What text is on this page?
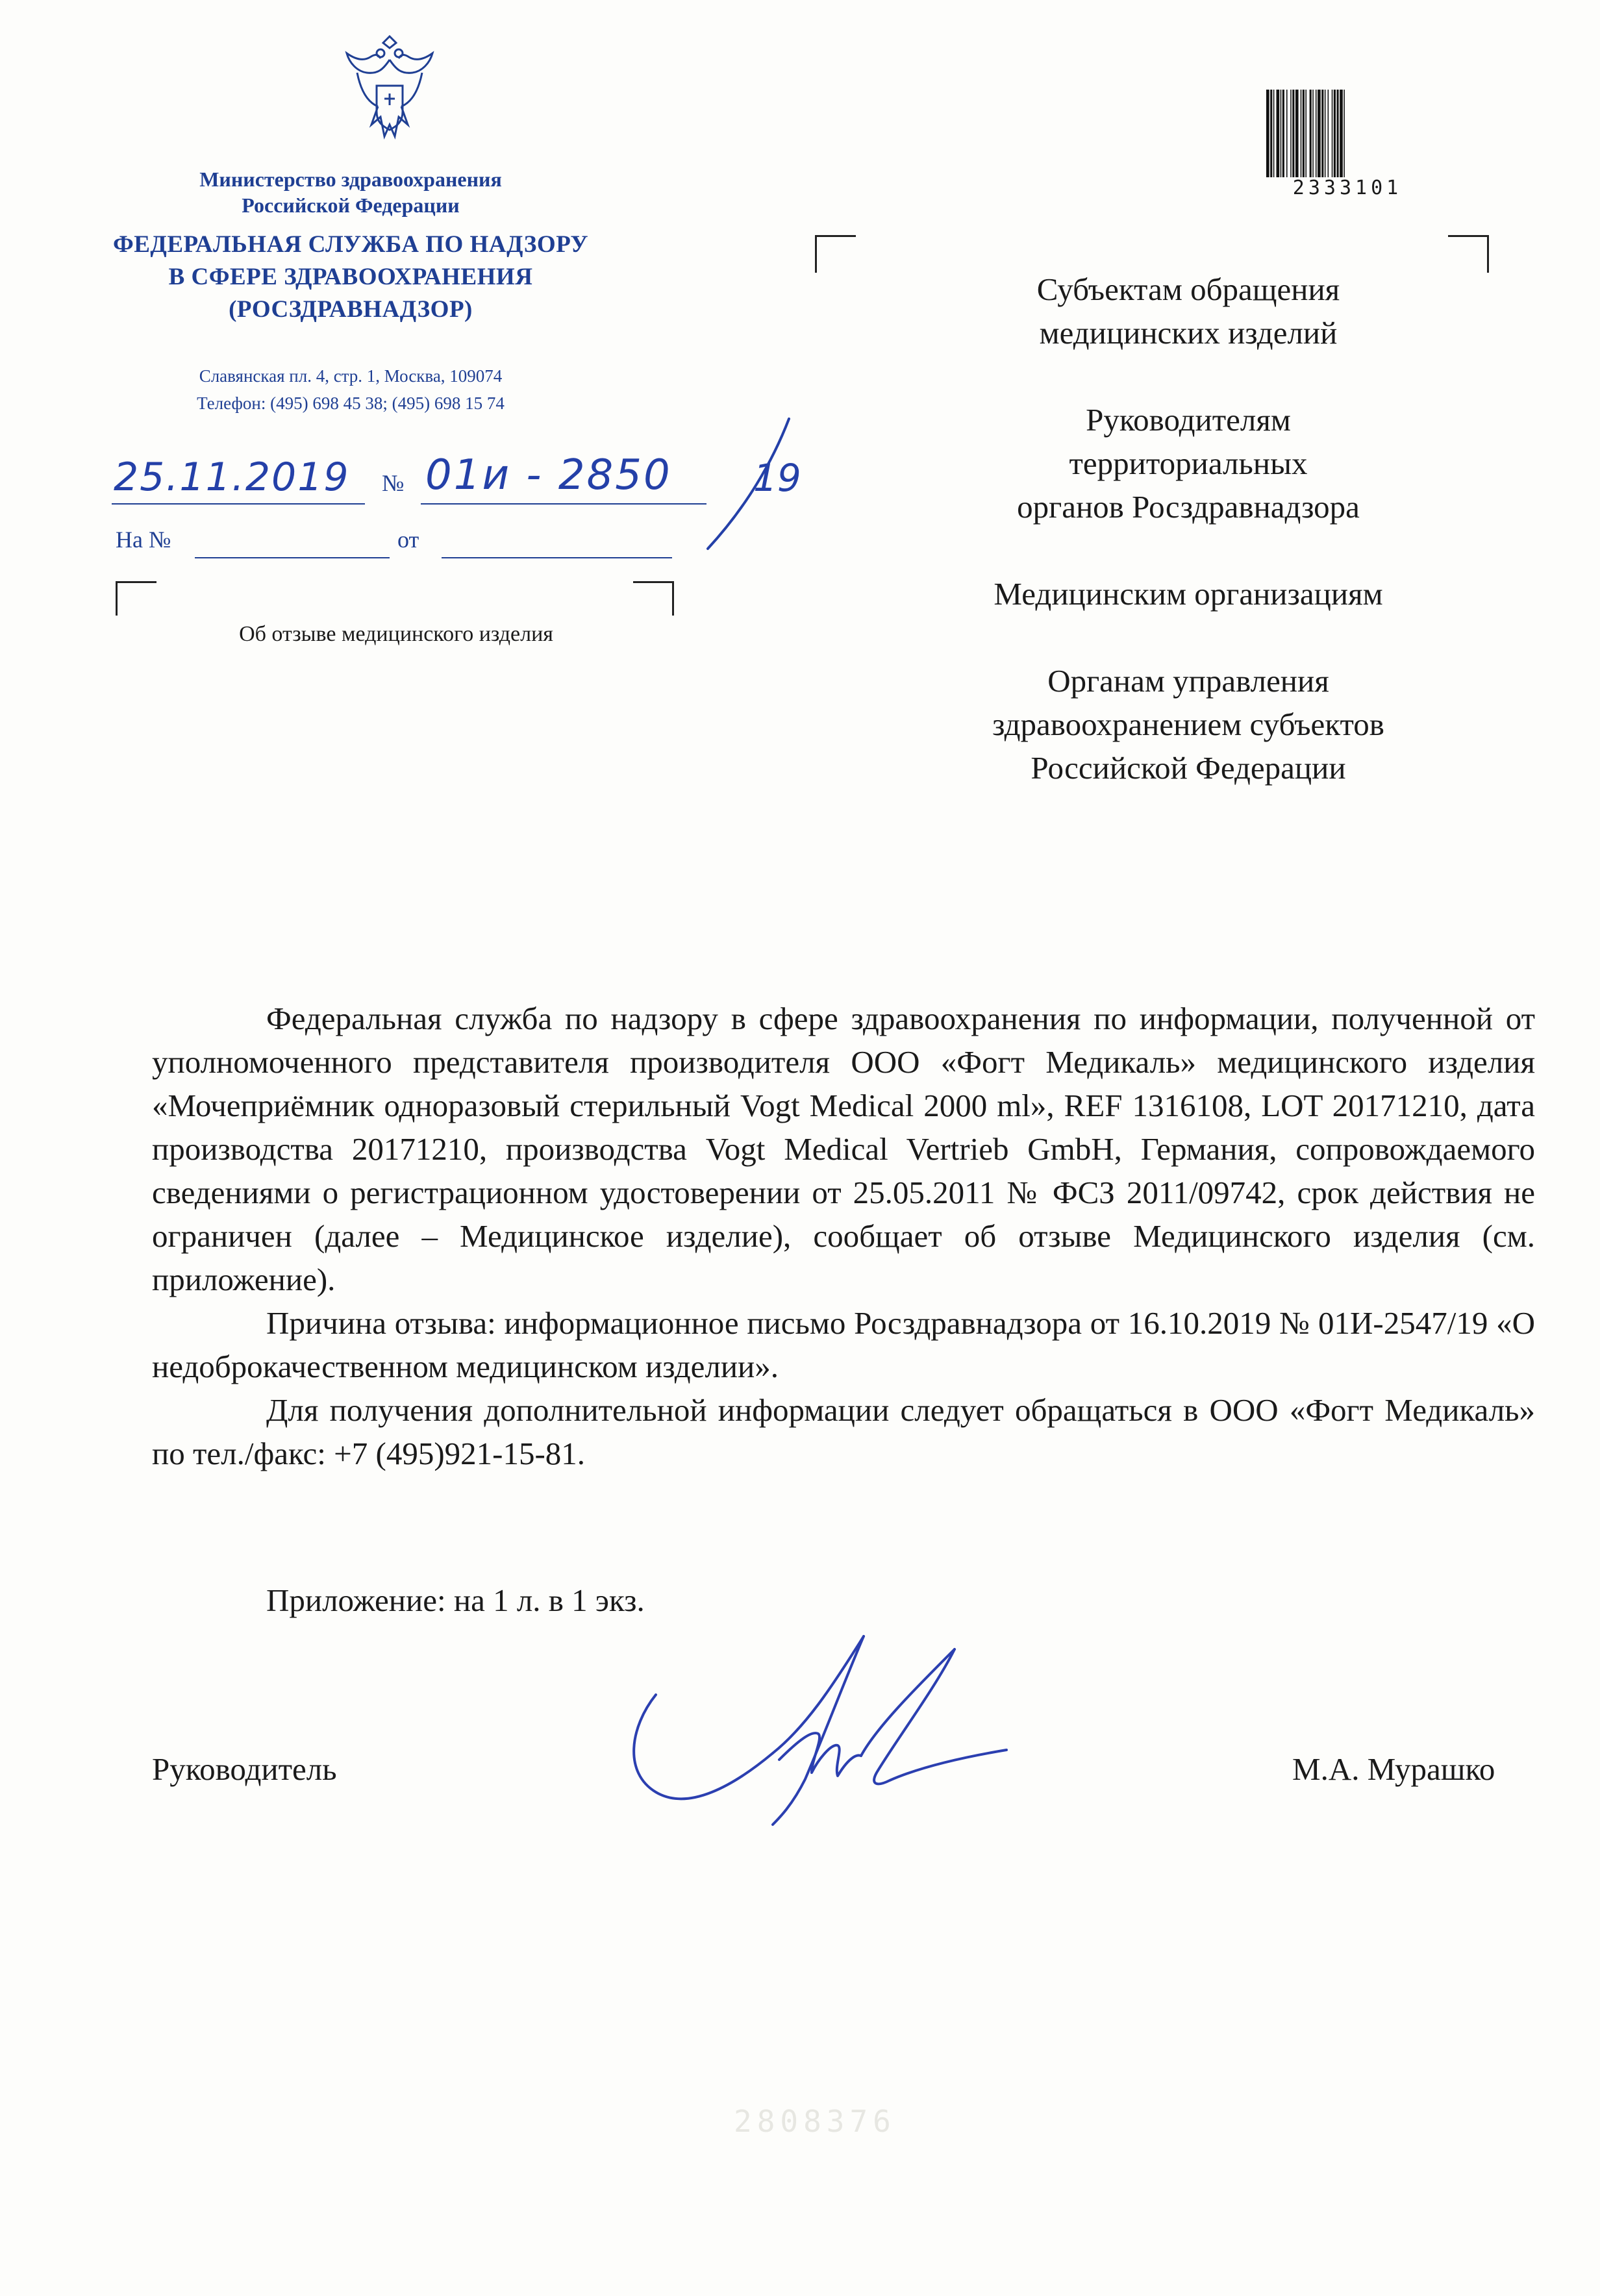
Министерство здравоохранения
Российской Федерации
ФЕДЕРАЛЬНАЯ СЛУЖБА ПО НАДЗОРУ
В СФЕРЕ ЗДРАВООХРАНЕНИЯ
(РОСЗДРАВНАДЗОР)
Славянская пл. 4, стр. 1, Москва, 109074
Телефон: (495) 698 45 38; (495) 698 15 74
25.11.2019	№ 01и - 2850	19
На №	от
Об отзыве медицинского изделия
2333101
Субъектам обращения
медицинских изделий
Руководителям
территориальных
органов Росздравнадзора
Медицинским организациям
Органам управления
здравоохранением субъектов
Российской Федерации

Федеральная служба по надзору в сфере здравоохранения по информации, полученной от уполномоченного представителя производителя ООО «Фогт Медикаль» медицинского изделия «Мочеприёмник одноразовый стерильный Vogt Medical 2000 ml», REF 1316108, LOT 20171210, дата производства 20171210, производства Vogt Medical Vertrieb GmbH, Германия, сопровождаемого сведениями о регистрационном удостоверении от 25.05.2011 № ФСЗ 2011/09742, срок действия не ограничен (далее – Медицинское изделие), сообщает об отзыве Медицинского изделия (см. приложение).

Причина отзыва: информационное письмо Росздравнадзора от 16.10.2019 № 01И-2547/19 «О недоброкачественном медицинском изделии».

Для получения дополнительной информации следует обращаться в ООО «Фогт Медикаль» по тел./факс: +7 (495)921-15-81.

Приложение: на 1 л. в 1 экз.
Руководитель	М.А. Мурашко
2808376
